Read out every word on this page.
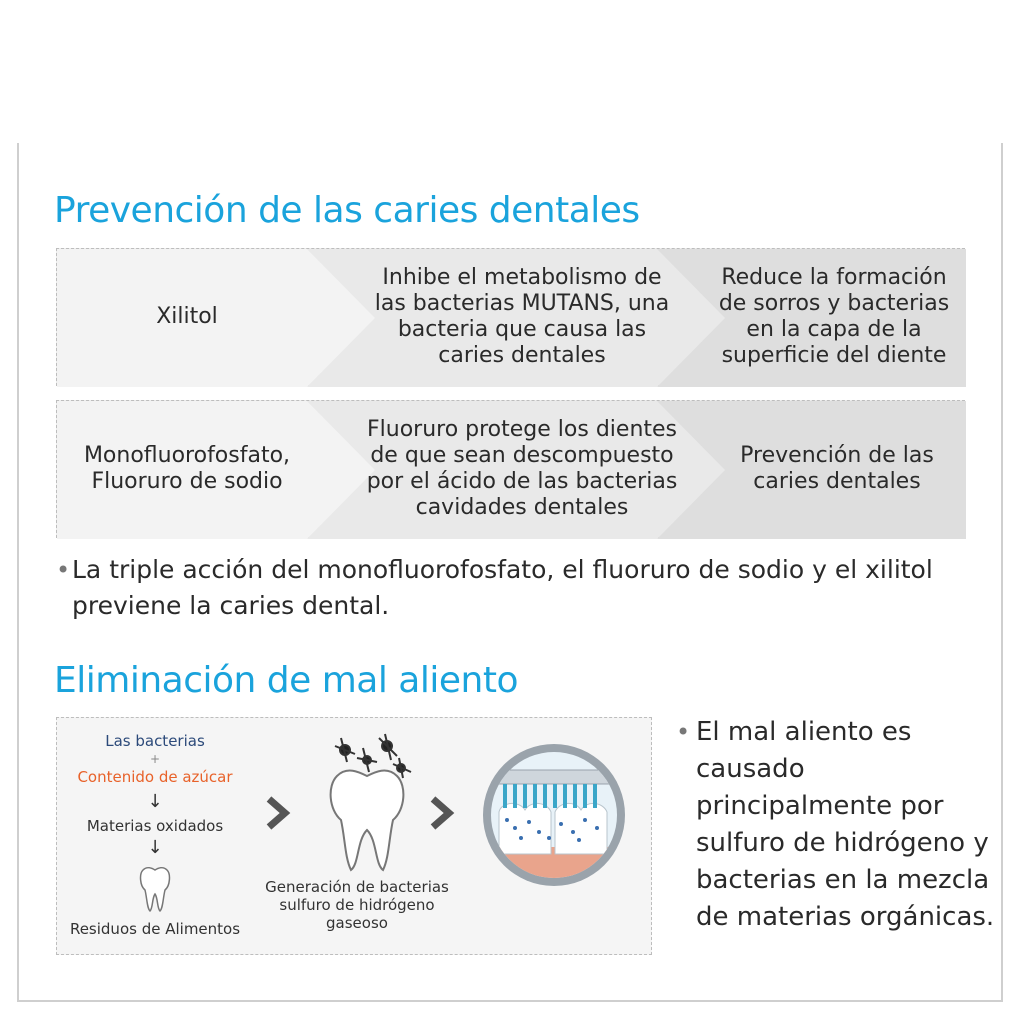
Prevención de las caries dentales
Xilitol
Inhibe el metabolismo de las bacterias MUTANS, una bacteria que causa las caries dentales
Reduce la formación de sorros y bacterias en la capa de la superficie del diente
Monofluorofosfato, Fluoruro de sodio
Fluoruro protege los dientes de que sean descompuesto por el ácido de las bacterias cavidades dentales
Prevención de las caries dentales
• La triple acción del monofluorofosfato, el fluoruro de sodio y el xilitol previene la caries dental.
Eliminación de mal aliento
Las bacterias
+
Contenido de azúcar
↓
Materias oxidados
↓
Residuos de Alimentos
Generación de bacterias sulfuro de hidrógeno gaseoso
• El mal aliento es causado principalmente por sulfuro de hidrógeno y bacterias en la mezcla de materias orgánicas.
